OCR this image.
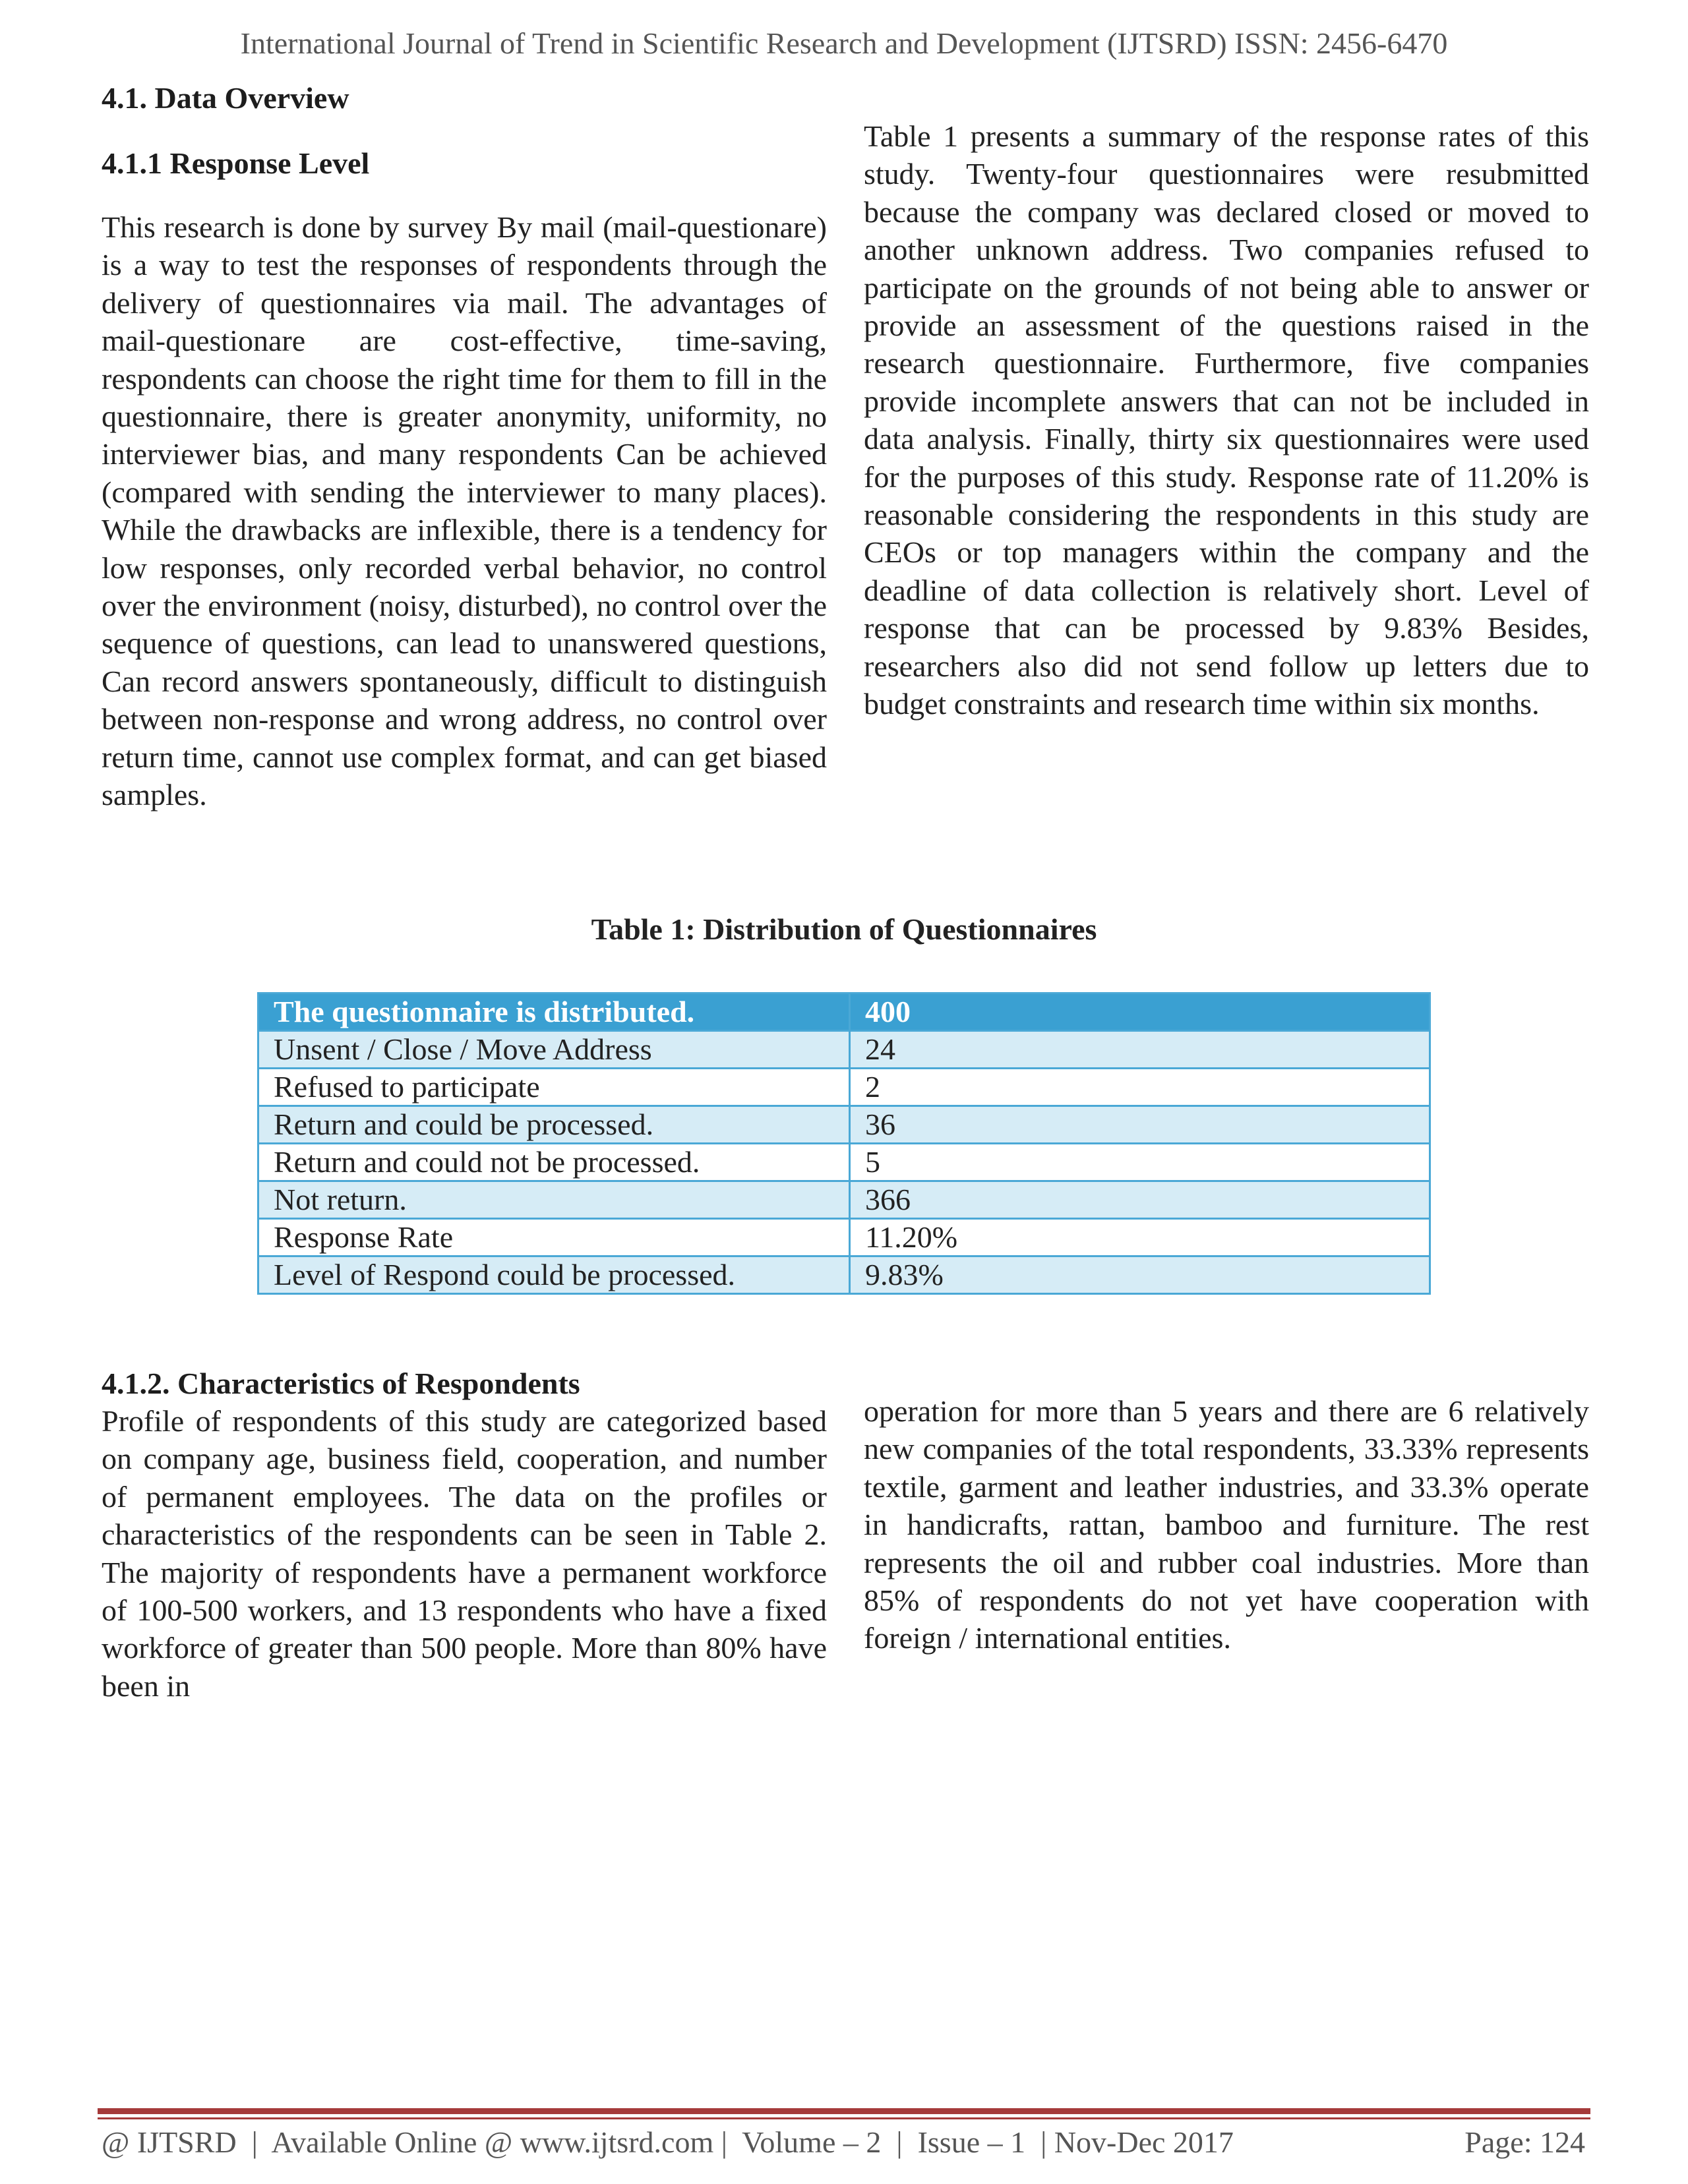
International Journal of Trend in Scientific Research and Development (IJTSRD) ISSN: 2456-6470
4.1. Data Overview
4.1.1 Response Level

This research is done by survey By mail (mail-questionare) is a way to test the responses of respondents through the delivery of questionnaires via mail. The advantages of mail-questionare are cost-effective, time-saving, respondents can choose the right time for them to fill in the questionnaire, there is greater anonymity, uniformity, no interviewer bias, and many respondents Can be achieved (compared with sending the interviewer to many places). While the drawbacks are inflexible, there is a tendency for low responses, only recorded verbal behavior, no control over the environment (noisy, disturbed), no control over the sequence of questions, can lead to unanswered questions, Can record answers spontaneously, difficult to distinguish between non-response and wrong address, no control over return time, cannot use complex format, and can get biased samples.

Table 1 presents a summary of the response rates of this study. Twenty-four questionnaires were resubmitted because the company was declared closed or moved to another unknown address. Two companies refused to participate on the grounds of not being able to answer or provide an assessment of the questions raised in the research questionnaire. Furthermore, five companies provide incomplete answers that can not be included in data analysis. Finally, thirty six questionnaires were used for the purposes of this study. Response rate of 11.20% is reasonable considering the respondents in this study are CEOs or top managers within the company and the deadline of data collection is relatively short. Level of response that can be processed by 9.83% Besides, researchers also did not send follow up letters due to budget constraints and research time within six months.

Table 1: Distribution of Questionnaires
The questionnaire is distributed.	400
Unsent / Close / Move Address	24
Refused to participate	2
Return and could be processed.	36
Return and could not be processed.	5
Not return.	366
Response Rate	11.20%
Level of Respond could be processed.	9.83%
4.1.2. Characteristics of Respondents

Profile of respondents of this study are categorized based on company age, business field, cooperation, and number of permanent employees. The data on the profiles or characteristics of the respondents can be seen in Table 2. The majority of respondents have a permanent workforce of 100-500 workers, and 13 respondents who have a fixed workforce of greater than 500 people. More than 80% have been in

operation for more than 5 years and there are 6 relatively new companies of the total respondents, 33.33% represents textile, garment and leather industries, and 33.3% operate in handicrafts, rattan, bamboo and furniture. The rest represents the oil and rubber coal industries. More than 85% of respondents do not yet have cooperation with foreign / international entities.

@ IJTSRD  |  Available Online @ www.ijtsrd.com |  Volume – 2  |  Issue – 1  | Nov-Dec 2017	Page: 124
